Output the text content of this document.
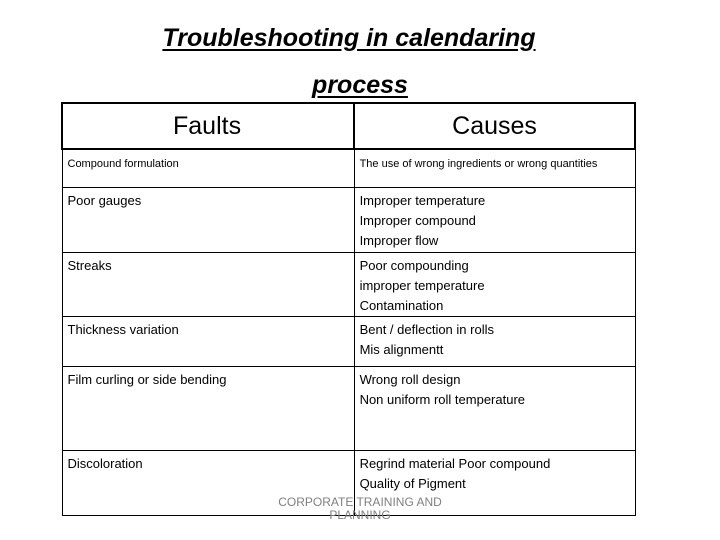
Troubleshooting in calendaring
process
Faults	Causes
Compound formulation	The use of wrong ingredients or wrong quantities

Poor gauges	Improper temperature
Improper compound
Improper flow

Streaks	Poor compounding
improper temperature
Contamination

Thickness variation	Bent / deflection in rolls
Mis alignmentt

Film curling or side bending	Wrong roll design
Non uniform roll temperature

Discoloration	Regrind material Poor compound
Quality of Pigment
CORPORATE TRAINING AND
PLANNING
